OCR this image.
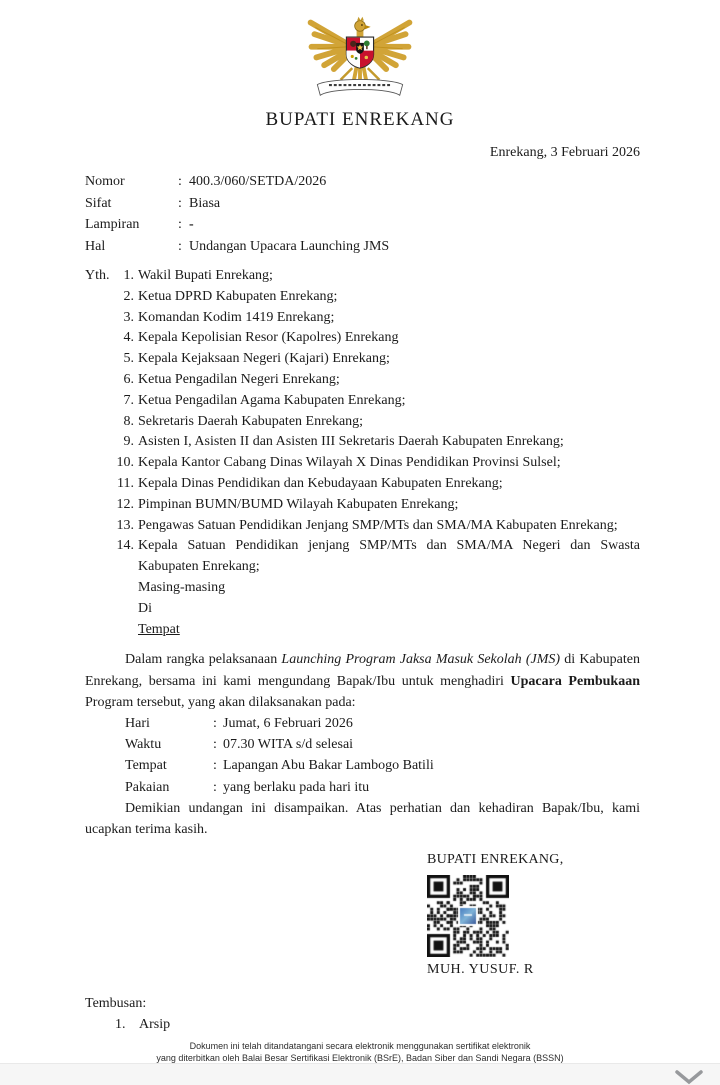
BUPATI ENREKANG
Enrekang, 3 Februari 2026
Nomor	: 400.3/060/SETDA/2026
Sifat	: Biasa
Lampiran	: -
Hal	: Undangan Upacara Launching JMS
Yth.	1. Wakil Bupati Enrekang;
2. Ketua DPRD Kabupaten Enrekang;
3. Komandan Kodim 1419 Enrekang;
4. Kepala Kepolisian Resor (Kapolres) Enrekang
5. Kepala Kejaksaan Negeri (Kajari) Enrekang;
6. Ketua Pengadilan Negeri Enrekang;
7. Ketua Pengadilan Agama Kabupaten Enrekang;
8. Sekretaris Daerah Kabupaten Enrekang;
9. Asisten I, Asisten II dan Asisten III Sekretaris Daerah Kabupaten Enrekang;
10. Kepala Kantor Cabang Dinas Wilayah X Dinas Pendidikan Provinsi Sulsel;
11. Kepala Dinas Pendidikan dan Kebudayaan Kabupaten Enrekang;
12. Pimpinan BUMN/BUMD Wilayah Kabupaten Enrekang;
13. Pengawas Satuan Pendidikan Jenjang SMP/MTs dan SMA/MA Kabupaten Enrekang;
14. Kepala Satuan Pendidikan jenjang SMP/MTs dan SMA/MA Negeri dan Swasta Kabupaten Enrekang;
Masing-masing
Di
Tempat

Dalam rangka pelaksanaan Launching Program Jaksa Masuk Sekolah (JMS) di Kabupaten Enrekang, bersama ini kami mengundang Bapak/Ibu untuk menghadiri Upacara Pembukaan Program tersebut, yang akan dilaksanakan pada:

Hari	: Jumat, 6 Februari 2026
Waktu	: 07.30 WITA s/d selesai
Tempat	: Lapangan Abu Bakar Lambogo Batili
Pakaian	: yang berlaku pada hari itu

Demikian undangan ini disampaikan. Atas perhatian dan kehadiran Bapak/Ibu, kami ucapkan terima kasih.

BUPATI ENREKANG,
MUH. YUSUF. R
Tembusan:
1. Arsip
Dokumen ini telah ditandatangani secara elektronik menggunakan sertifikat elektronik
yang diterbitkan oleh Balai Besar Sertifikasi Elektronik (BSrE), Badan Siber dan Sandi Negara (BSSN)
